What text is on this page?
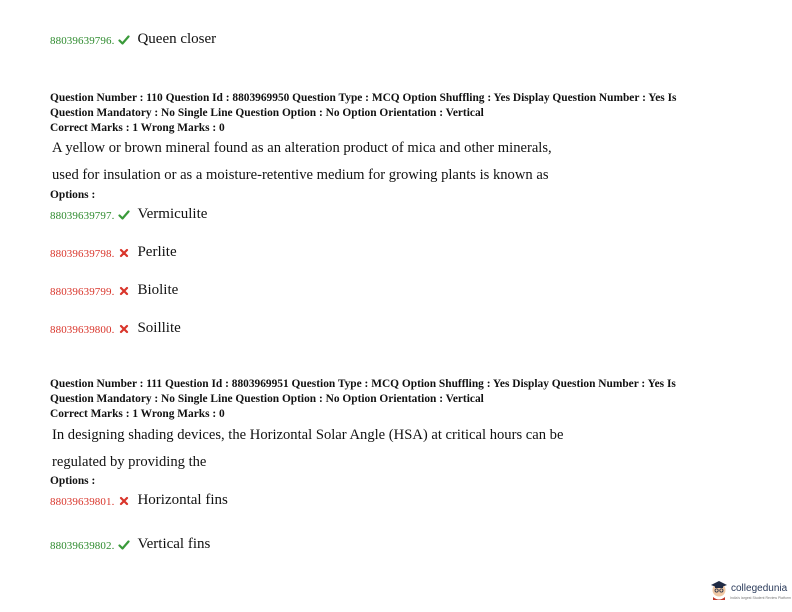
88039639796. Queen closer
Question Number : 110 Question Id : 8803969950 Question Type : MCQ Option Shuffling : Yes Display Question Number : Yes Is
Question Mandatory : No Single Line Question Option : No Option Orientation : Vertical
Correct Marks : 1 Wrong Marks : 0
A yellow or brown mineral found as an alteration product of mica and other minerals,
used for insulation or as a moisture-retentive medium for growing plants is known as
Options :
88039639797. Vermiculite
88039639798. Perlite
88039639799. Biolite
88039639800. Soillite
Question Number : 111 Question Id : 8803969951 Question Type : MCQ Option Shuffling : Yes Display Question Number : Yes Is
Question Mandatory : No Single Line Question Option : No Option Orientation : Vertical
Correct Marks : 1 Wrong Marks : 0
In designing shading devices, the Horizontal Solar Angle (HSA) at critical hours can be
regulated by providing the
Options :
88039639801. Horizontal fins
88039639802. Vertical fins
collegedunia
India's largest Student Review Platform
